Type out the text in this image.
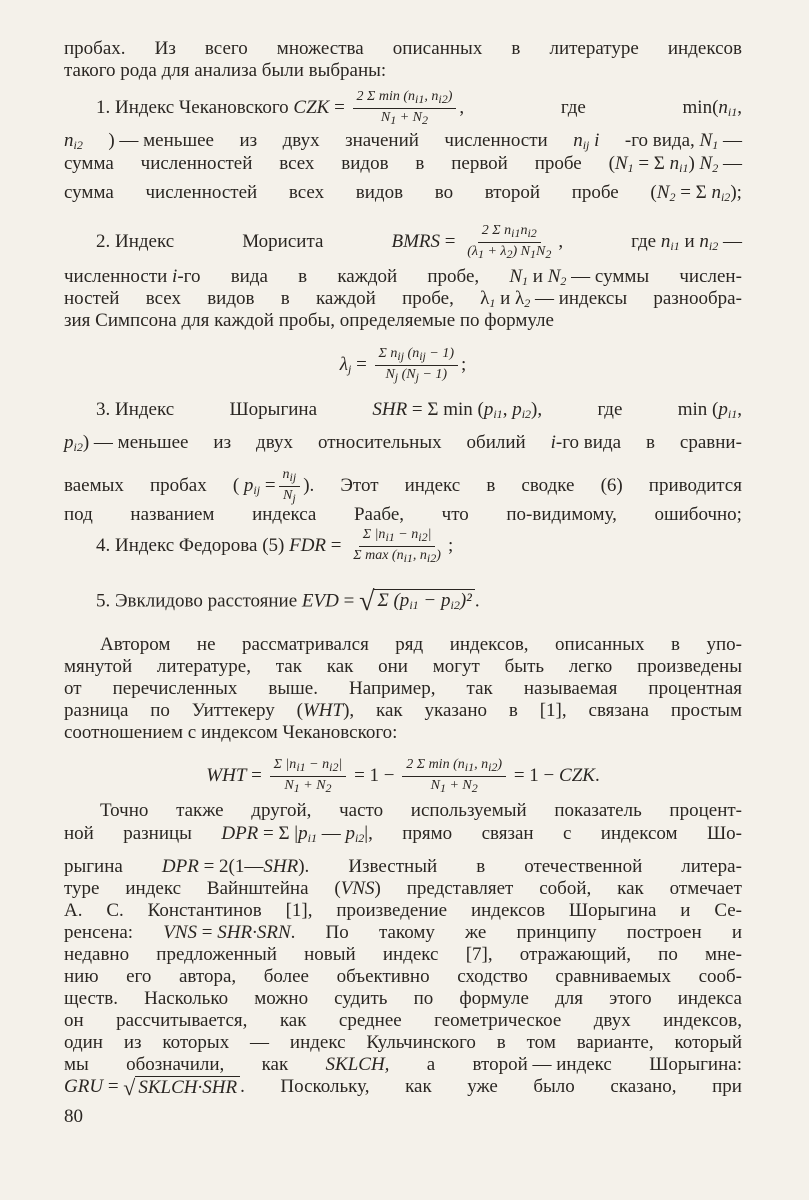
пробах. Из всего множества описанных в литературе индексов
такого рода для анализа были выбраны:
1. Индекс Чекановского CZK = $\frac{\text{2 Σ min (ni1, ni2)}}{N1 + N2}$ ,	где	$\min(n_{i1}$,
$n_{i2}$ ) — меньшее из двух значений численности $n_{ij}$ i -го вида, $N_1$ —
сумма численностей всех видов в первой пробе ($N_1 = \Sigma$ $n_{i1}$) $N_2$ —
сумма численностей всех видов во второй пробе ($N_2 = \Sigma$ $n_{i2}$);
2. Индекс	Морисита	BMRS = $\frac{\text{2 Σ ni1ni2}}{(\lambda 1 + \lambda 2) N1N2}$ ,	где $n_{i1}$ и $n_{i2}$ —
численности i-го вида в каждой пробе, $N_1$ и $N_2$ — суммы числен-
ностей всех видов в каждой пробе, $\lambda_1$ и $\lambda_2$ — индексы разнообра-
зия Симпсона для каждой пробы, определяемые по формуле
$\lambda_j = \frac{\text{Σ nij (nij − 1)}}{Nj (Nj - 1)}$ ;
3. Индекс	Шорыгина	SHR = Σ $\min (p_{i1}$, $p_{i2}$),	где	$\min (p_{i1}$,
$p_{i2}$) — меньшее из двух относительных обилий i-го вида в сравни-
ваемых пробах ( $p_{ij} = \frac{\text{nij}}{Nj}$ ). Этот индекс в сводке (6) приводится
под названием индекса Раабе, что по-видимому, ошибочно;
4. Индекс Федорова (5) FDR = $\frac{\Sigma |ni1 - ni2|}{\text{Σ max (ni1, ni2)}}$ ;
5. Эвклидово расстояние EVD = √ Σ $(p_{i1} - p_{i2})^2$ .
Автором не рассматривался ряд индексов, описанных в упо-
мянутой литературе, так как они могут быть легко произведены
от перечисленных выше. Например, так называемая процентная
разница по Уиттекеру (WHT), как указано в [1], связана простым
соотношением с индексом Чекановского:
WHT = $\frac{\Sigma |ni1 - ni2|}{N1 + N2} = 1 - \frac{\text{2 Σ min (ni1, ni2)}}{N1 + N2} = 1$ − CZK.
Точно также другой, часто используемый показатель процент-
ной разницы DPR = Σ $|p_{i1}$ — $p_{i2}|$, прямо связан с индексом Шо-
рыгина DPR = 2(1—SHR). Известный в отечественной литера-
туре индекс Вайнштейна (VNS) представляет собой, как отмечает
А. С. Константинов [1], произведение индексов Шорыгина и Се-
ренсена: VNS = SHR·SRN. По такому же принципу построен и
недавно предложенный новый индекс [7], отражающий, по мне-
нию его автора, более объективно сходство сравниваемых сооб-
ществ. Насколько можно судить по формуле для этого индекса
он рассчитывается, как среднее геометрическое двух индексов,
один из которых — индекс Кульчинского в том варианте, который
мы обозначили, как SKLCH, а второй — индекс Шорыгина:
GRU = √ SKLCH·SHR . Поскольку, как уже было сказано, при
80
